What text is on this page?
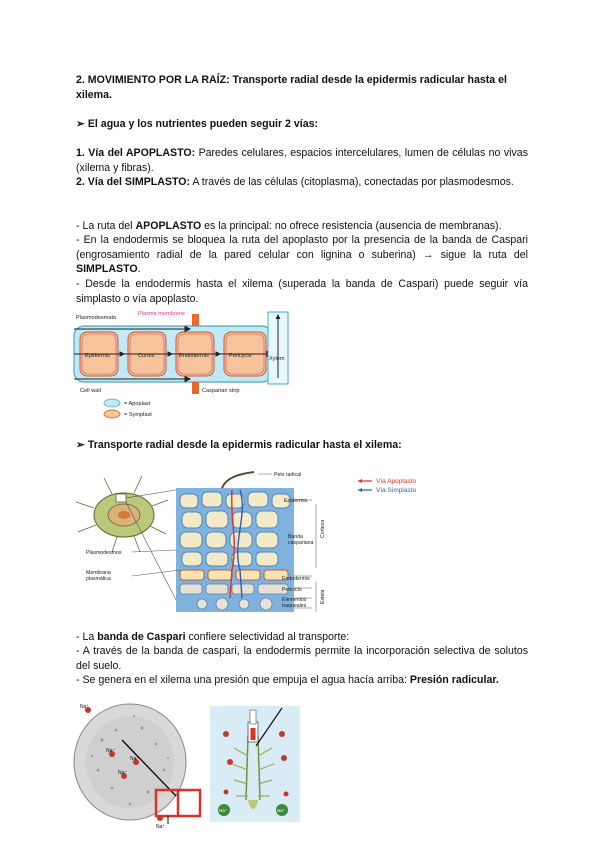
2. MOVIMIENTO POR LA RAÍZ: Transporte radial desde la epidermis radicular hasta el xilema.

➢ El agua y los nutrientes pueden seguir 2 vías:

1. Vía del APOPLASTO: Paredes celulares, espacios intercelulares, lumen de células no vivas (xilema y fibras).

2. Vía del SIMPLASTO: A través de las células (citoplasma), conectadas por plasmodesmos.

- La ruta del APOPLASTO es la principal: no ofrece resistencia (ausencia de membranas).

- En la endodermis se bloquea la ruta del apoplasto por la presencia de la banda de Caspari (engrosamiento radial de la pared celular con lignina o suberina) → sigue la ruta del SIMPLASTO.

- Desde la endodermis hasta el xilema (superada la banda de Caspari) puede seguir vía simplasto o vía apoplasto.

Plasmodesmata
Plasma membrane
Epidermis	Cortex	Endodermis	Pericycle	Xylem
Cell wall	Casparian strip
= Apoplast
= Symplast

➢ Transporte radial desde la epidermis radicular hasta el xilema:

Pelo radical
Epidermis
Banda
caspariana
Endodermis
Periciclo
Elementos
traqueales
Corteza
Estela
Plasmodesmos
Membrana
plasmática
Vía Apoplasto
Vía Simplasto

- La banda de Caspari confiere selectividad al transporte:

- A través de la banda de caspari, la endodermis permite la incorporación selectiva de solutos del suelo.

- Se genera en el xilema una presión que empuja el agua hacía arriba: Presión radicular.

Na⁺
Na⁺
Na⁺
Na⁺
Na⁺
Na⁺	Na⁺
